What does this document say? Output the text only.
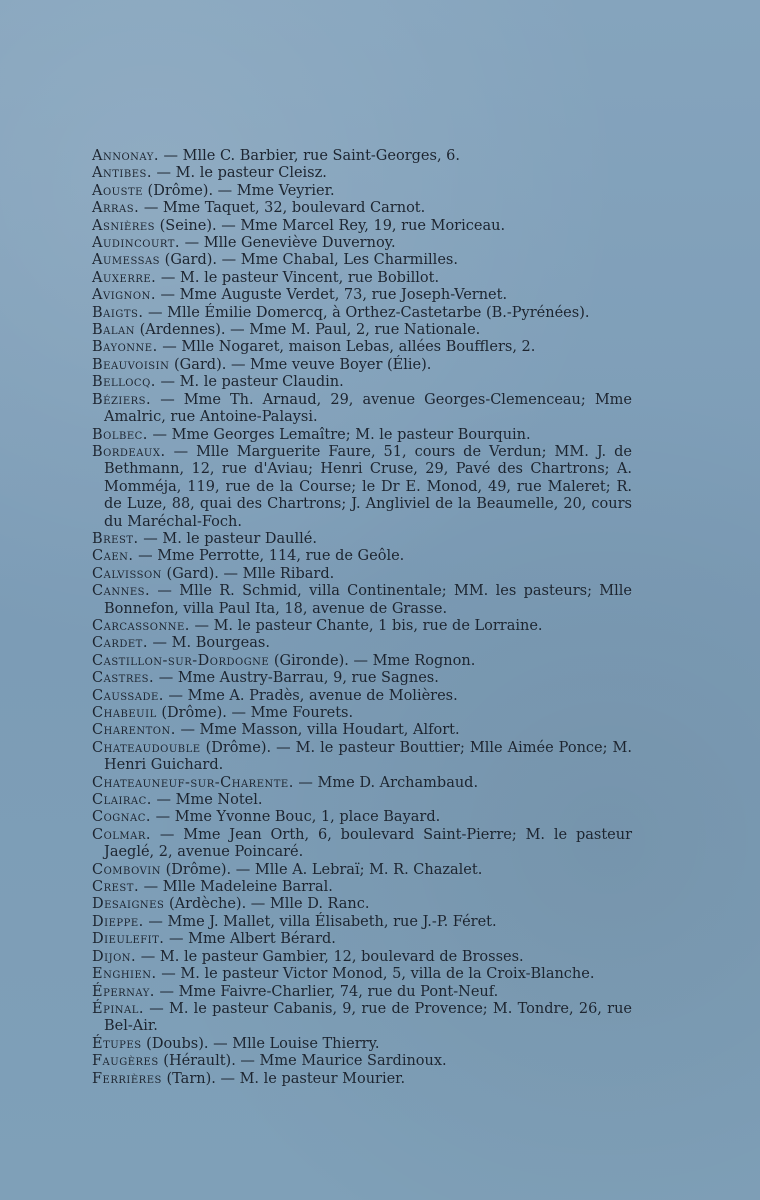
Annonay. — Mlle C. Barbier, rue Saint-Georges, 6.

Antibes. — M. le pasteur Cleisz.

Aouste (Drôme). — Mme Veyrier.

Arras. — Mme Taquet, 32, boulevard Carnot.

Asnières (Seine). — Mme Marcel Rey, 19, rue Moriceau.

Audincourt. — Mlle Geneviève Duvernoy.

Aumessas (Gard). — Mme Chabal, Les Charmilles.

Auxerre. — M. le pasteur Vincent, rue Bobillot.

Avignon. — Mme Auguste Verdet, 73, rue Joseph-Vernet.

Baigts. — Mlle Émilie Domercq, à Orthez-Castetarbe (B.-Pyrénées).

Balan (Ardennes). — Mme M. Paul, 2, rue Nationale.

Bayonne. — Mlle Nogaret, maison Lebas, allées Boufflers, 2.

Beauvoisin (Gard). — Mme veuve Boyer (Élie).

Bellocq. — M. le pasteur Claudin.

Béziers. — Mme Th. Arnaud, 29, avenue Georges-Clemenceau; Mme Amalric, rue Antoine-Palaysi.

Bolbec. — Mme Georges Lemaître; M. le pasteur Bourquin.

Bordeaux. — Mlle Marguerite Faure, 51, cours de Verdun; MM. J. de Bethmann, 12, rue d'Aviau; Henri Cruse, 29, Pavé des Chartrons; A. Momméja, 119, rue de la Course; le Dr E. Monod, 49, rue Maleret; R. de Luze, 88, quai des Chartrons; J. Angliviel de la Beaumelle, 20, cours du Maréchal-Foch.

Brest. — M. le pasteur Daullé.

Caen. — Mme Perrotte, 114, rue de Geôle.

Calvisson (Gard). — Mlle Ribard.

Cannes. — Mlle R. Schmid, villa Continentale; MM. les pasteurs; Mlle Bonnefon, villa Paul Ita, 18, avenue de Grasse.

Carcassonne. — M. le pasteur Chante, 1 bis, rue de Lorraine.

Cardet. — M. Bourgeas.

Castillon-sur-Dordogne (Gironde). — Mme Rognon.

Castres. — Mme Austry-Barrau, 9, rue Sagnes.

Caussade. — Mme A. Pradès, avenue de Molières.

Chabeuil (Drôme). — Mme Fourets.

Charenton. — Mme Masson, villa Houdart, Alfort.

Chateaudouble (Drôme). — M. le pasteur Bouttier; Mlle Aimée Ponce; M. Henri Guichard.

Chateauneuf-sur-Charente. — Mme D. Archambaud.

Clairac. — Mme Notel.

Cognac. — Mme Yvonne Bouc, 1, place Bayard.

Colmar. — Mme Jean Orth, 6, boulevard Saint-Pierre; M. le pasteur Jaeglé, 2, avenue Poincaré.

Combovin (Drôme). — Mlle A. Lebraï; M. R. Chazalet.

Crest. — Mlle Madeleine Barral.

Desaignes (Ardèche). — Mlle D. Ranc.

Dieppe. — Mme J. Mallet, villa Élisabeth, rue J.-P. Féret.

Dieulefit. — Mme Albert Bérard.

Dijon. — M. le pasteur Gambier, 12, boulevard de Brosses.

Enghien. — M. le pasteur Victor Monod, 5, villa de la Croix-Blanche.

Épernay. — Mme Faivre-Charlier, 74, rue du Pont-Neuf.

Épinal. — M. le pasteur Cabanis, 9, rue de Provence; M. Tondre, 26, rue Bel-Air.

Étupes (Doubs). — Mlle Louise Thierry.

Faugères (Hérault). — Mme Maurice Sardinoux.

Ferrières (Tarn). — M. le pasteur Mourier.
